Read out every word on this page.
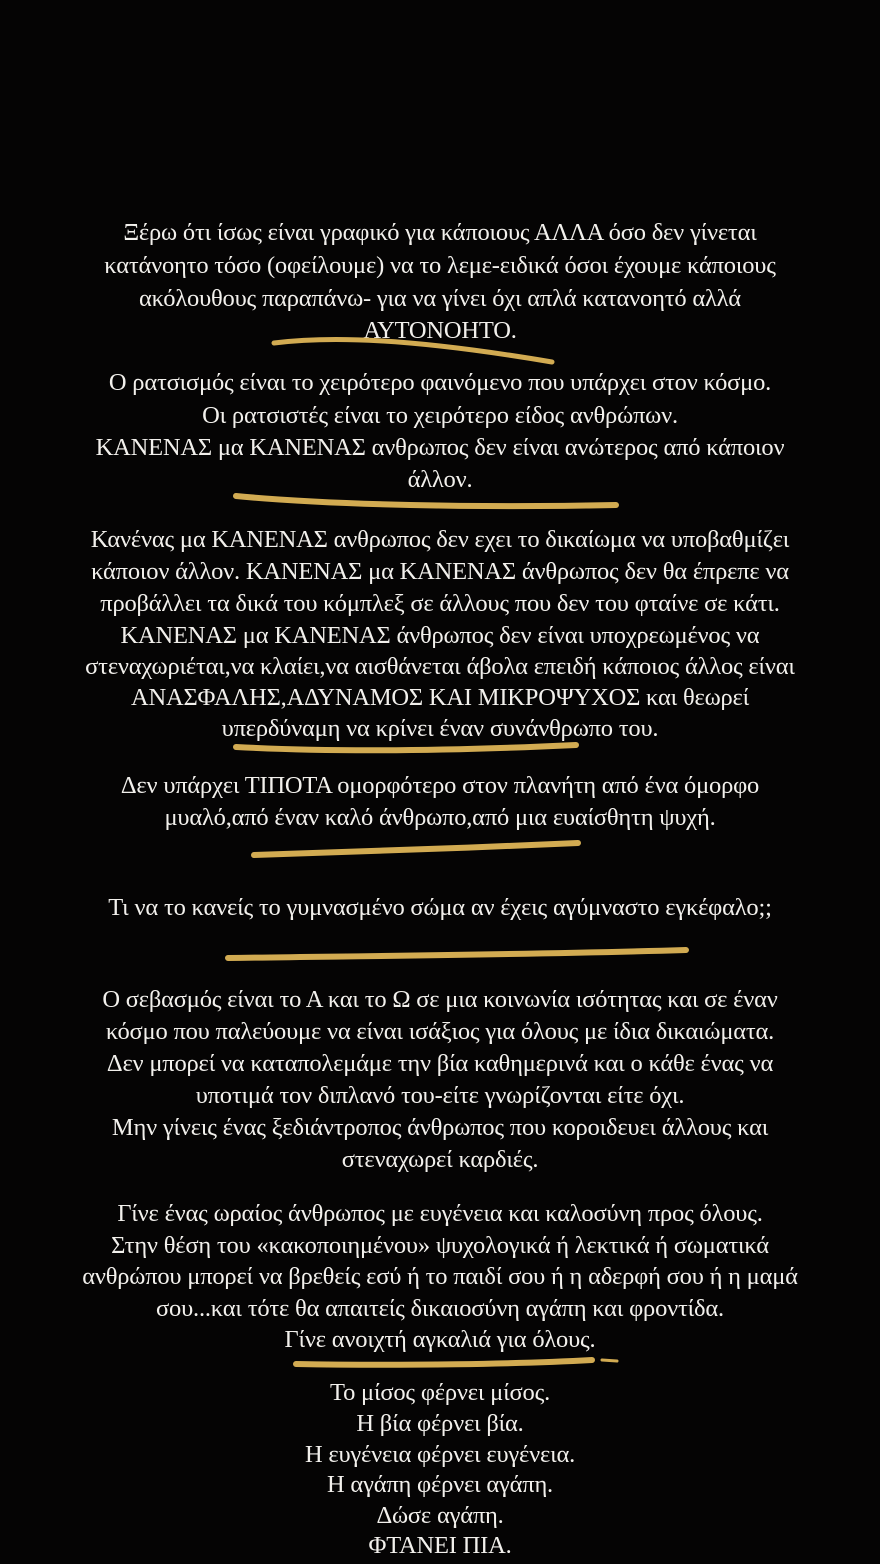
Ξέρω ότι ίσως είναι γραφικό για κάποιους ΑΛΛΑ όσο δεν γίνεται
κατάνοητο τόσο (οφείλουμε) να το λεμε-ειδικά όσοι έχουμε κάποιους
ακόλουθους παραπάνω- για να γίνει όχι απλά κατανοητό αλλά
ΑΥΤΟΝΟΗΤΟ.
Ο ρατσισμός είναι το χειρότερο φαινόμενο που υπάρχει στον κόσμο.
Οι ρατσιστές είναι το χειρότερο είδος ανθρώπων.
ΚΑΝΕΝΑΣ μα ΚΑΝΕΝΑΣ ανθρωπος δεν είναι ανώτερος από κάποιον
άλλον.
Κανένας μα ΚΑΝΕΝΑΣ ανθρωπος δεν εχει το δικαίωμα να υποβαθμίζει
κάποιον άλλον. ΚΑΝΕΝΑΣ μα ΚΑΝΕΝΑΣ άνθρωπος δεν θα έπρεπε να
προβάλλει τα δικά του κόμπλεξ σε άλλους που δεν του φταίνε σε κάτι.
ΚΑΝΕΝΑΣ μα ΚΑΝΕΝΑΣ άνθρωπος δεν είναι υποχρεωμένος να
στεναχωριέται,να κλαίει,να αισθάνεται άβολα επειδή κάποιος άλλος είναι
ΑΝΑΣΦΑΛΗΣ,ΑΔΥΝΑΜΟΣ ΚΑΙ ΜΙΚΡΟΨΥΧΟΣ και θεωρεί
υπερδύναμη να κρίνει έναν συνάνθρωπο του.
Δεν υπάρχει ΤΙΠΟΤΑ ομορφότερο στον πλανήτη από ένα όμορφο
μυαλό,από έναν καλό άνθρωπο,από μια ευαίσθητη ψυχή.
Τι να το κανείς το γυμνασμένο σώμα αν έχεις αγύμναστο εγκέφαλο;;
Ο σεβασμός είναι το Α και το Ω σε μια κοινωνία ισότητας και σε έναν
κόσμο που παλεύουμε να είναι ισάξιος για όλους με ίδια δικαιώματα.
Δεν μπορεί να καταπολεμάμε την βία καθημερινά και ο κάθε ένας να
υποτιμά τον διπλανό του-είτε γνωρίζονται είτε όχι.
Μην γίνεις ένας ξεδιάντροπος άνθρωπος που κοροιδευει άλλους και
στεναχωρεί καρδιές.
Γίνε ένας ωραίος άνθρωπος με ευγένεια και καλοσύνη προς όλους.
Στην θέση του «κακοποιημένου» ψυχολογικά ή λεκτικά ή σωματικά
ανθρώπου μπορεί να βρεθείς εσύ ή το παιδί σου ή η αδερφή σου ή η μαμά
σου...και τότε θα απαιτείς δικαιοσύνη αγάπη και φροντίδα.
Γίνε ανοιχτή αγκαλιά για όλους.
Το μίσος φέρνει μίσος.
Η βία φέρνει βία.
Η ευγένεια φέρνει ευγένεια.
Η αγάπη φέρνει αγάπη.
Δώσε αγάπη.
ΦΤΑΝΕΙ ΠΙΑ.
